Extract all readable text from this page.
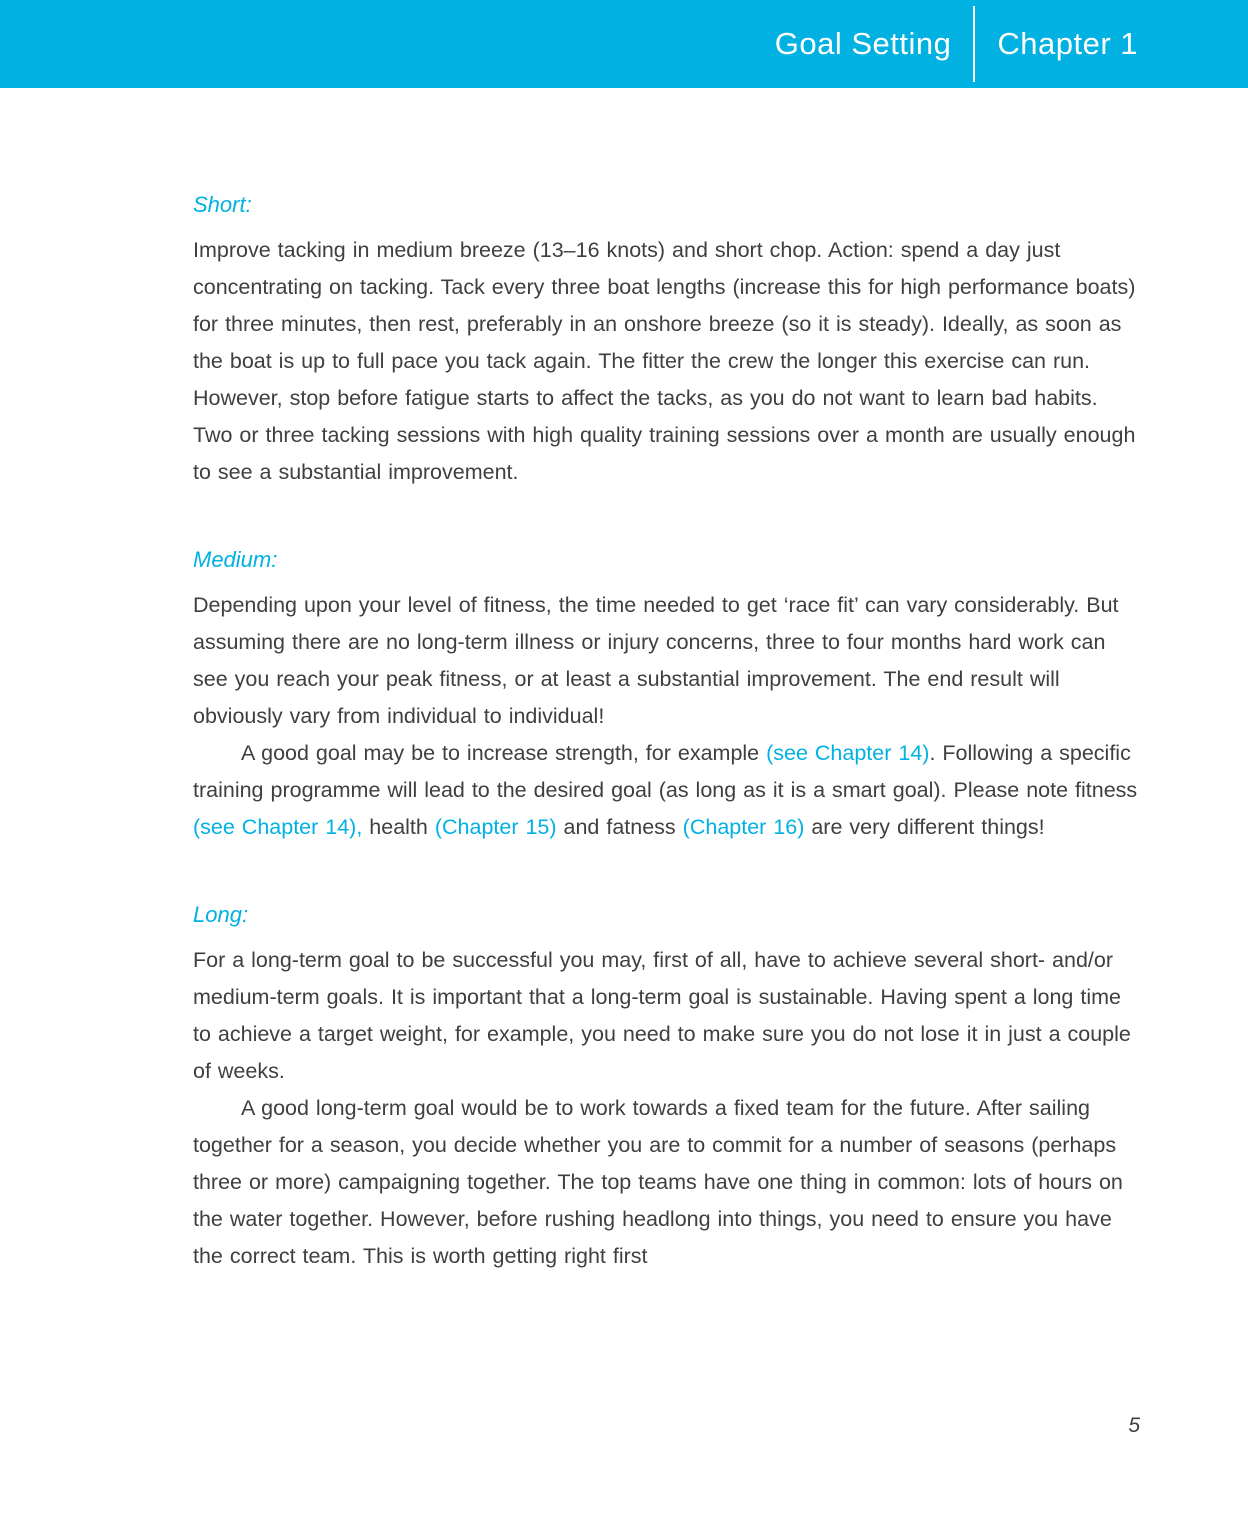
Goal Setting Chapter 1
Short:

Improve tacking in medium breeze (13–16 knots) and short chop. Action: spend a day just concentrating on tacking. Tack every three boat lengths (increase this for high performance boats) for three minutes, then rest, preferably in an onshore breeze (so it is steady). Ideally, as soon as the boat is up to full pace you tack again. The fitter the crew the longer this exercise can run. However, stop before fatigue starts to affect the tacks, as you do not want to learn bad habits. Two or three tacking sessions with high quality training sessions over a month are usually enough to see a substantial improvement.

Medium:

Depending upon your level of fitness, the time needed to get ‘race fit’ can vary considerably. But assuming there are no long-term illness or injury concerns, three to four months hard work can see you reach your peak fitness, or at least a substantial improvement. The end result will obviously vary from individual to individual!

A good goal may be to increase strength, for example (see Chapter 14). Following a specific training programme will lead to the desired goal (as long as it is a smart goal). Please note fitness (see Chapter 14), health (Chapter 15) and fatness (Chapter 16) are very different things!

Long:

For a long-term goal to be successful you may, first of all, have to achieve several short- and/or medium-term goals. It is important that a long-term goal is sustainable. Having spent a long time to achieve a target weight, for example, you need to make sure you do not lose it in just a couple of weeks.

A good long-term goal would be to work towards a fixed team for the future. After sailing together for a season, you decide whether you are to commit for a number of seasons (perhaps three or more) campaigning together. The top teams have one thing in common: lots of hours on the water together. However, before rushing headlong into things, you need to ensure you have the correct team. This is worth getting right first

5
